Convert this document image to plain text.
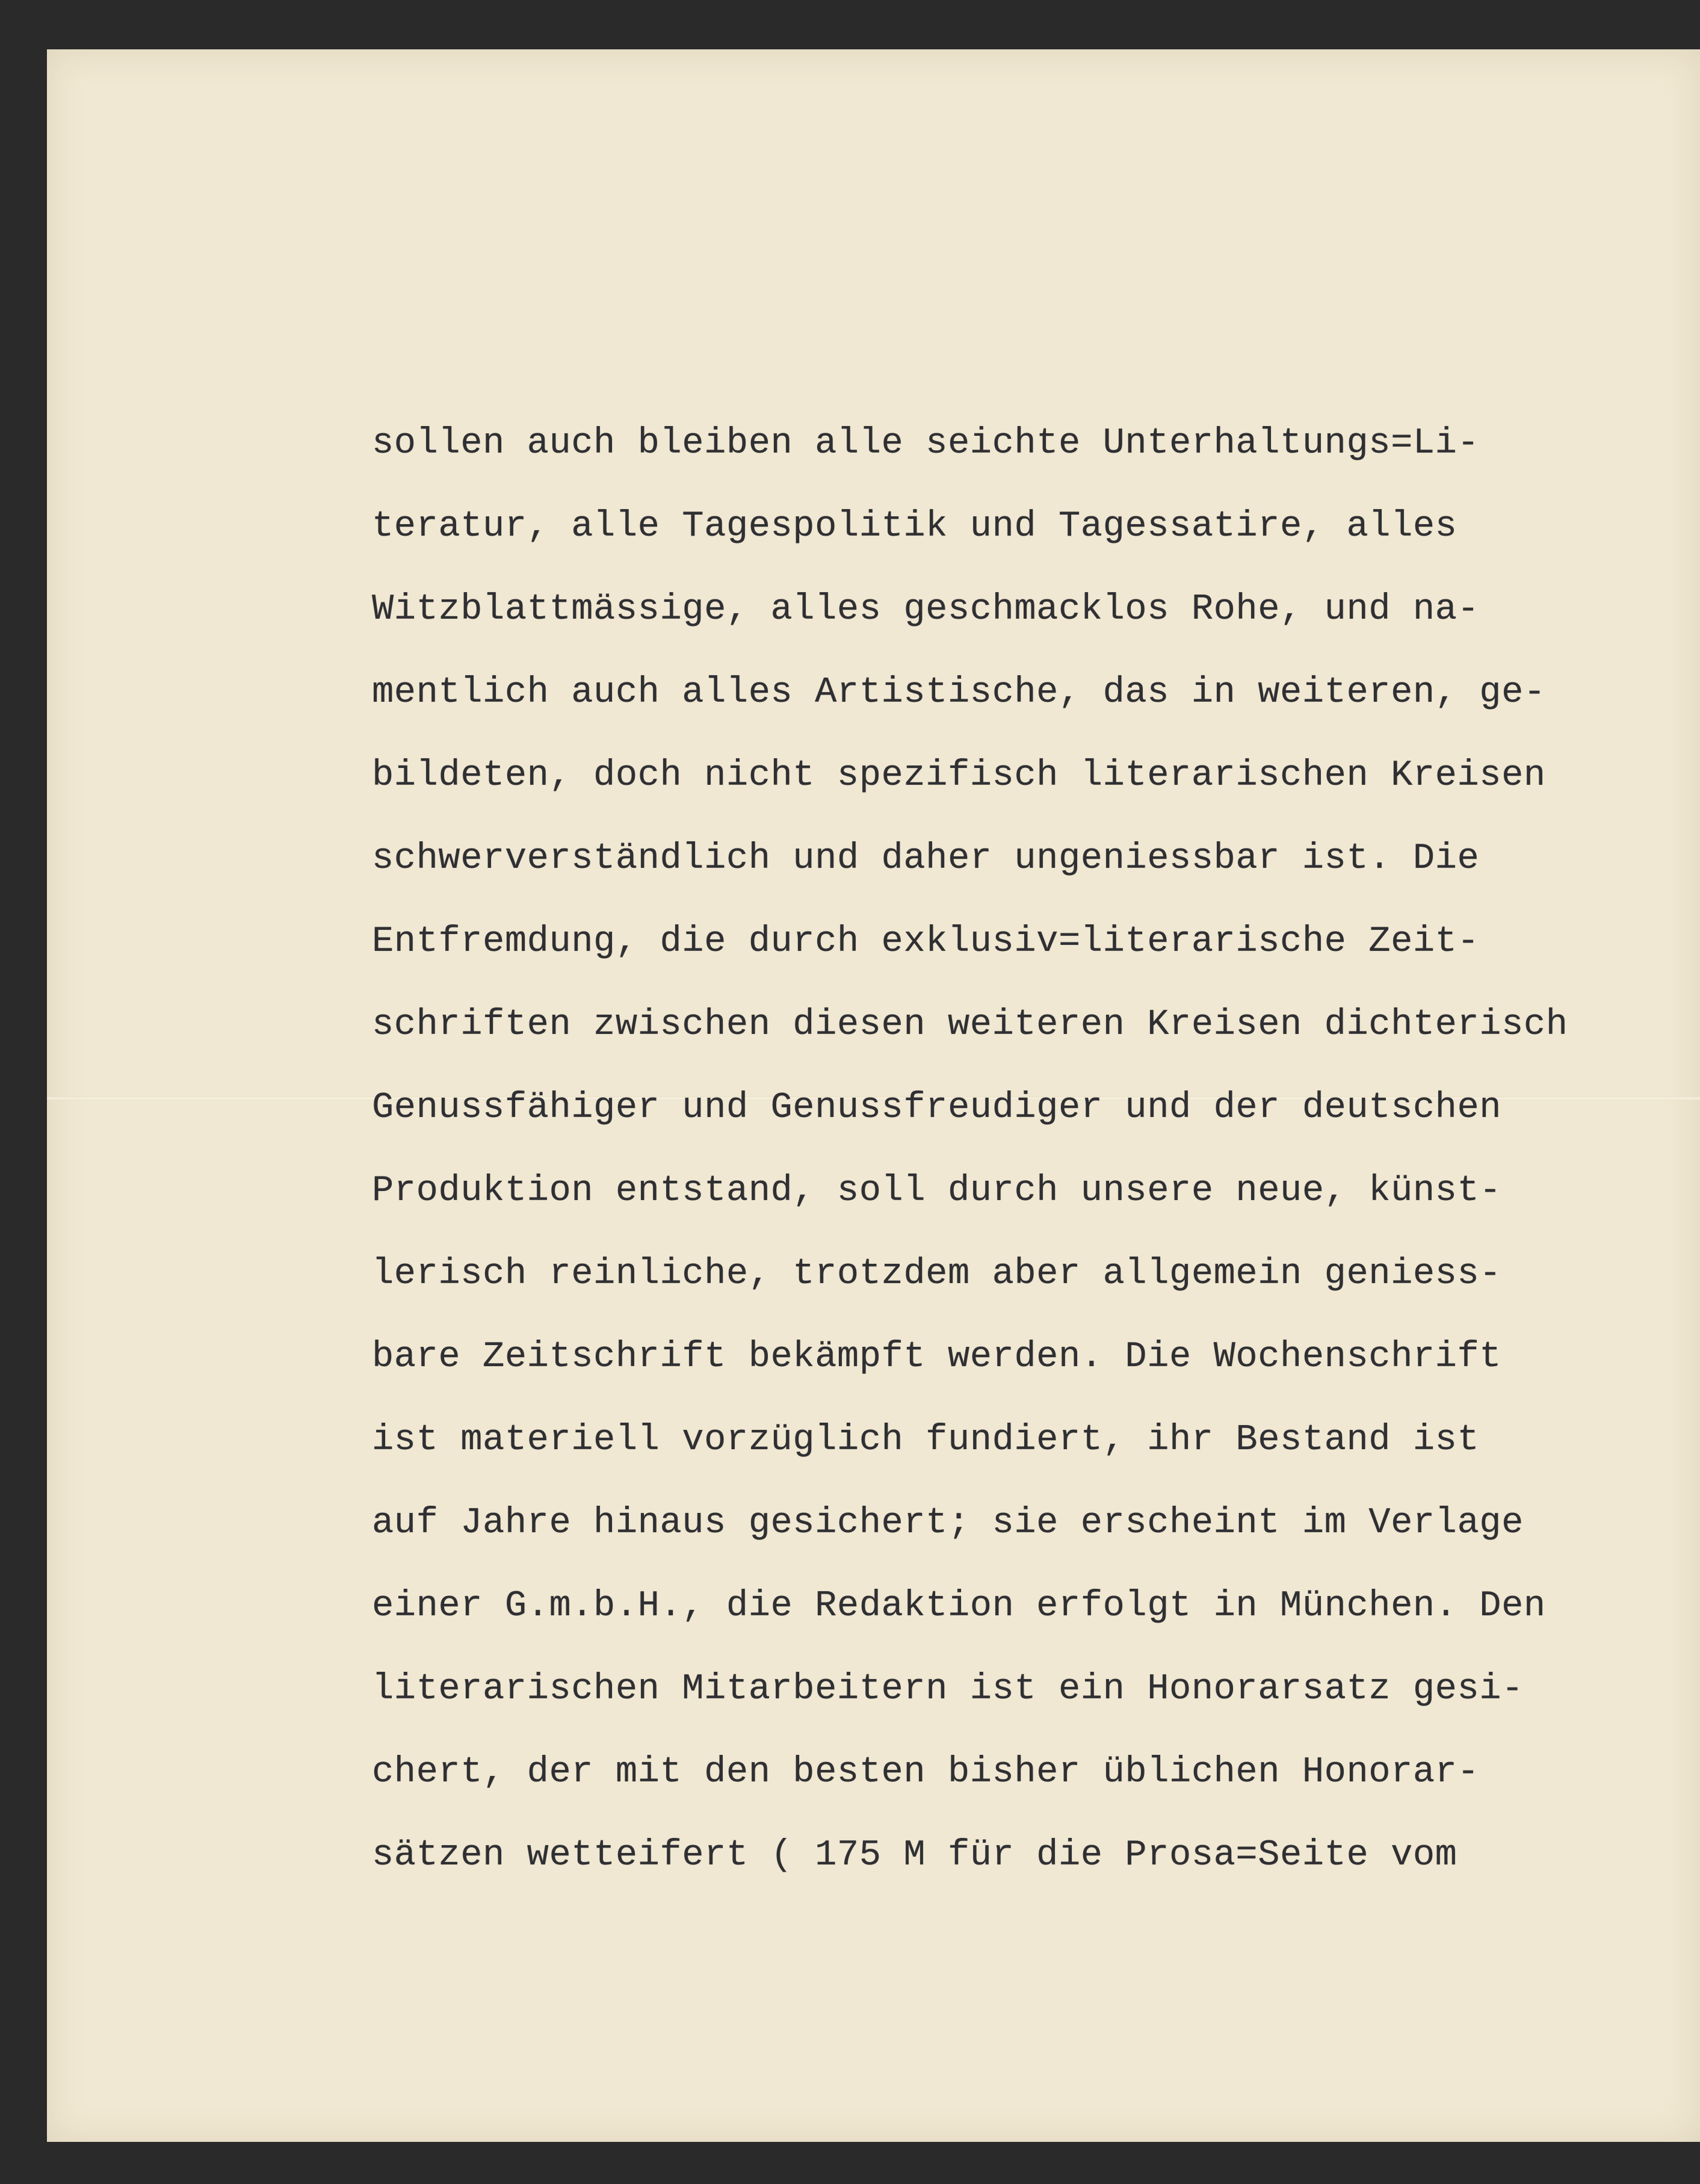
sollen auch bleiben alle seichte Unterhaltungs=Li-
teratur, alle Tagespolitik und Tagessatire, alles
Witzblattmässige, alles geschmacklos Rohe, und na-
mentlich auch alles Artistische, das in weiteren, ge-
bildeten, doch nicht spezifisch literarischen Kreisen
schwerverständlich und daher ungeniessbar ist. Die
Entfremdung, die durch exklusiv=literarische Zeit-
schriften zwischen diesen weiteren Kreisen dichterisch
Genussfähiger und Genussfreudiger und der deutschen
Produktion entstand, soll durch unsere neue, künst-
lerisch reinliche, trotzdem aber allgemein geniess-
bare Zeitschrift bekämpft werden. Die Wochenschrift
ist materiell vorzüglich fundiert, ihr Bestand ist
auf Jahre hinaus gesichert; sie erscheint im Verlage
einer G.m.b.H., die Redaktion erfolgt in München. Den
literarischen Mitarbeitern ist ein Honorarsatz gesi-
chert, der mit den besten bisher üblichen Honorar-
sätzen wetteifert ( 175 M für die Prosa=Seite vom
